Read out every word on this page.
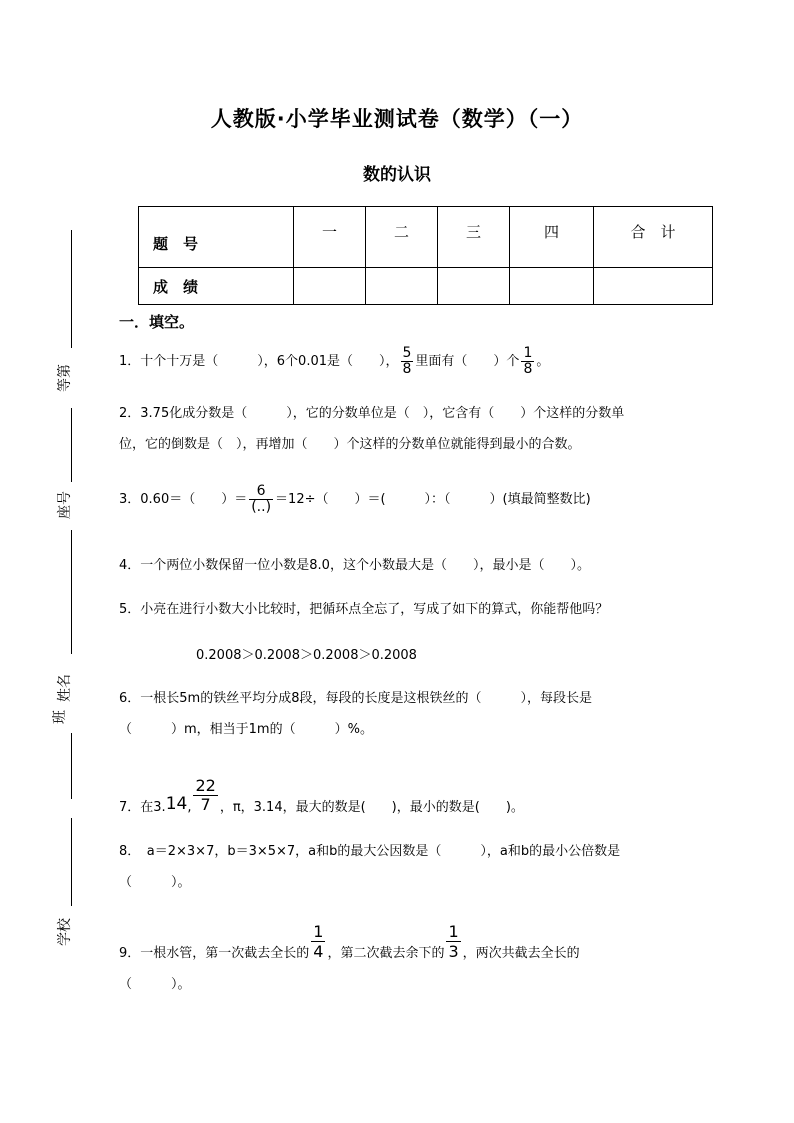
人教版·小学毕业测试卷（数学）（一）
数的认识
题　号	一	二	三	四	合　计
成　绩					
等第
座号
姓名
班
学校
一．填空。
1．十个十万是（　　　），6个0.01是（　　）， $\frac{5}{8}$ 里面有（　　）个 $\frac{1}{8}$ 。
2．3.75化成分数是（　　　），它的分数单位是（　），它含有（　　）个这样的分数单
位，它的倒数是（　），再增加（　　）个这样的分数单位就能得到最小的合数。
3．0.60＝（　　）＝ $\frac{6}{(..)} =12\div$（　　）＝(　　　）：（　　　）(填最简整数比)
4．一个两位小数保留一位小数是8.0，这个小数最大是（　　），最小是（　　）。
5．小亮在进行小数大小比较时，把循环点全忘了，写成了如下的算式，你能帮他吗？
0.2008＞0.2008＞0.2008＞0.2008
6．一根长5m的铁丝平均分成8段，每段的长度是这根铁丝的（　　　），每段长是
（　　　）m，相当于1m的（　　　）%。
7．在3.14, $\frac{22}{7}$ ，π，3.14，最大的数是(　　)，最小的数是(　　)。
8．　a＝2×3×7，b＝3×5×7，a和b的最大公因数是（　　　），a和b的最小公倍数是
（　　　）。
9．一根水管，第一次截去全长的 $\frac{1}{4}$ ，第二次截去余下的 $\frac{1}{3}$ ，两次共截去全长的
（　　　）。
